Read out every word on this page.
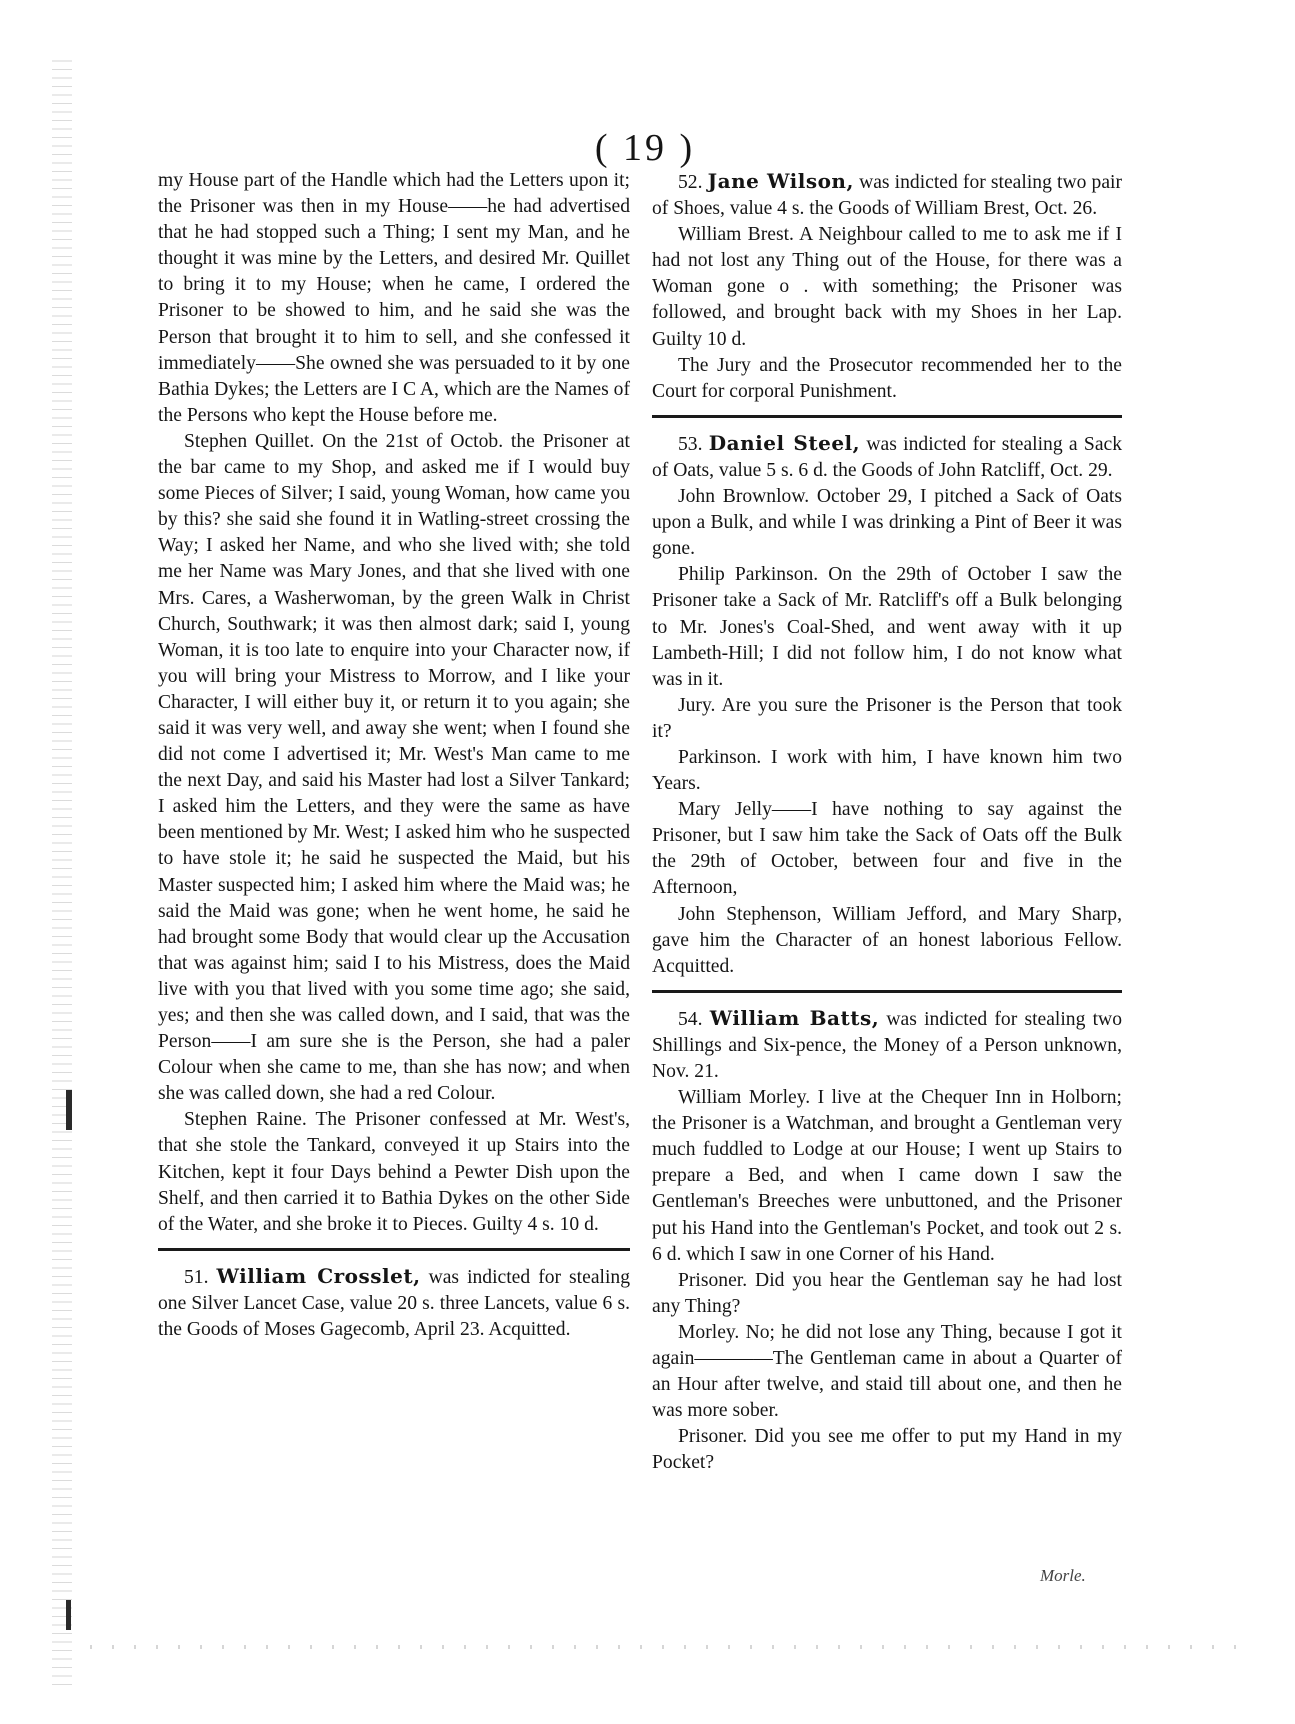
( 19 )

my House part of the Handle which had the Letters upon it; the Prisoner was then in my House——he had advertised that he had stopped such a Thing; I sent my Man, and he thought it was mine by the Letters, and desired Mr. Quillet to bring it to my House; when he came, I ordered the Prisoner to be showed to him, and he said she was the Person that brought it to him to sell, and she confessed it immediately——She owned she was persuaded to it by one Bathia Dykes; the Letters are I C A, which are the Names of the Persons who kept the House before me.

Stephen Quillet. On the 21st of Octob. the Prisoner at the bar came to my Shop, and asked me if I would buy some Pieces of Silver; I said, young Woman, how came you by this? she said she found it in Watling-street crossing the Way; I asked her Name, and who she lived with; she told me her Name was Mary Jones, and that she lived with one Mrs. Cares, a Washerwoman, by the green Walk in Christ Church, Southwark; it was then almost dark; said I, young Woman, it is too late to enquire into your Character now, if you will bring your Mistress to Morrow, and I like your Character, I will either buy it, or return it to you again; she said it was very well, and away she went; when I found she did not come I advertised it; Mr. West's Man came to me the next Day, and said his Master had lost a Silver Tankard; I asked him the Letters, and they were the same as have been mentioned by Mr. West; I asked him who he suspected to have stole it; he said he suspected the Maid, but his Master suspected him; I asked him where the Maid was; he said the Maid was gone; when he went home, he said he had brought some Body that would clear up the Accusation that was against him; said I to his Mistress, does the Maid live with you that lived with you some time ago; she said, yes; and then she was called down, and I said, that was the Person——I am sure she is the Person, she had a paler Colour when she came to me, than she has now; and when she was called down, she had a red Colour.

Stephen Raine. The Prisoner confessed at Mr. West's, that she stole the Tankard, conveyed it up Stairs into the Kitchen, kept it four Days behind a Pewter Dish upon the Shelf, and then carried it to Bathia Dykes on the other Side of the Water, and she broke it to Pieces. Guilty 4 s. 10 d.

51. William Crosslet, was indicted for stealing one Silver Lancet Case, value 20 s. three Lancets, value 6 s. the Goods of Moses Gagecomb, April 23. Acquitted.

52. Jane Wilson, was indicted for stealing two pair of Shoes, value 4 s. the Goods of William Brest, Oct. 26.

William Brest. A Neighbour called to me to ask me if I had not lost any Thing out of the House, for there was a Woman gone o . with something; the Prisoner was followed, and brought back with my Shoes in her Lap. Guilty 10 d.

The Jury and the Prosecutor recommended her to the Court for corporal Punishment.

53. Daniel Steel, was indicted for stealing a Sack of Oats, value 5 s. 6 d. the Goods of John Ratcliff, Oct. 29.

John Brownlow. October 29, I pitched a Sack of Oats upon a Bulk, and while I was drinking a Pint of Beer it was gone.

Philip Parkinson. On the 29th of October I saw the Prisoner take a Sack of Mr. Ratcliff's off a Bulk belonging to Mr. Jones's Coal-Shed, and went away with it up Lambeth-Hill; I did not follow him, I do not know what was in it.

Jury. Are you sure the Prisoner is the Person that took it?

Parkinson. I work with him, I have known him two Years.

Mary Jelly——I have nothing to say against the Prisoner, but I saw him take the Sack of Oats off the Bulk the 29th of October, between four and five in the Afternoon,

John Stephenson, William Jefford, and Mary Sharp, gave him the Character of an honest laborious Fellow. Acquitted.

54. William Batts, was indicted for stealing two Shillings and Six-pence, the Money of a Person unknown, Nov. 21.

William Morley. I live at the Chequer Inn in Holborn; the Prisoner is a Watchman, and brought a Gentleman very much fuddled to Lodge at our House; I went up Stairs to prepare a Bed, and when I came down I saw the Gentleman's Breeches were unbuttoned, and the Prisoner put his Hand into the Gentleman's Pocket, and took out 2 s. 6 d. which I saw in one Corner of his Hand.

Prisoner. Did you hear the Gentleman say he had lost any Thing?

Morley. No; he did not lose any Thing, because I got it again————The Gentleman came in about a Quarter of an Hour after twelve, and staid till about one, and then he was more sober.

Prisoner. Did you see me offer to put my Hand in my Pocket?

Morle.
